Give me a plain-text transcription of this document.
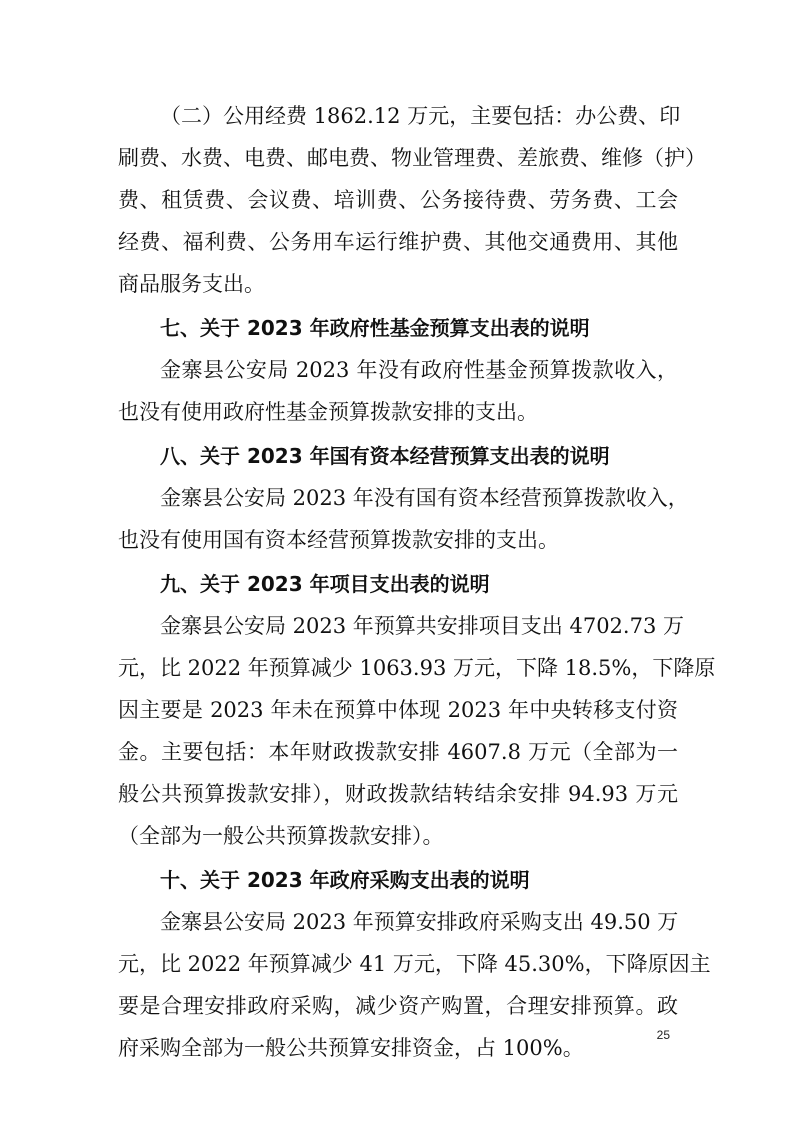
（二）公用经费 1862.12 万元，主要包括：办公费、印
刷费、水费、电费、邮电费、物业管理费、差旅费、维修（护）
费、租赁费、会议费、培训费、公务接待费、劳务费、工会
经费、福利费、公务用车运行维护费、其他交通费用、其他
商品服务支出。
七、关于 2023 年政府性基金预算支出表的说明
金寨县公安局 2023 年没有政府性基金预算拨款收入，
也没有使用政府性基金预算拨款安排的支出。
八、关于 2023 年国有资本经营预算支出表的说明
金寨县公安局 2023 年没有国有资本经营预算拨款收入，
也没有使用国有资本经营预算拨款安排的支出。
九、关于 2023 年项目支出表的说明
金寨县公安局 2023 年预算共安排项目支出 4702.73 万
元，比 2022 年预算减少 1063.93 万元，下降 18.5%，下降原
因主要是 2023 年未在预算中体现 2023 年中央转移支付资
金。主要包括：本年财政拨款安排 4607.8 万元（全部为一
般公共预算拨款安排），财政拨款结转结余安排 94.93 万元
（全部为一般公共预算拨款安排）。
十、关于 2023 年政府采购支出表的说明
金寨县公安局 2023 年预算安排政府采购支出 49.50 万
元，比 2022 年预算减少 41 万元，下降 45.30%，下降原因主
要是合理安排政府采购，减少资产购置，合理安排预算。政
府采购全部为一般公共预算安排资金，占 100%。
25
